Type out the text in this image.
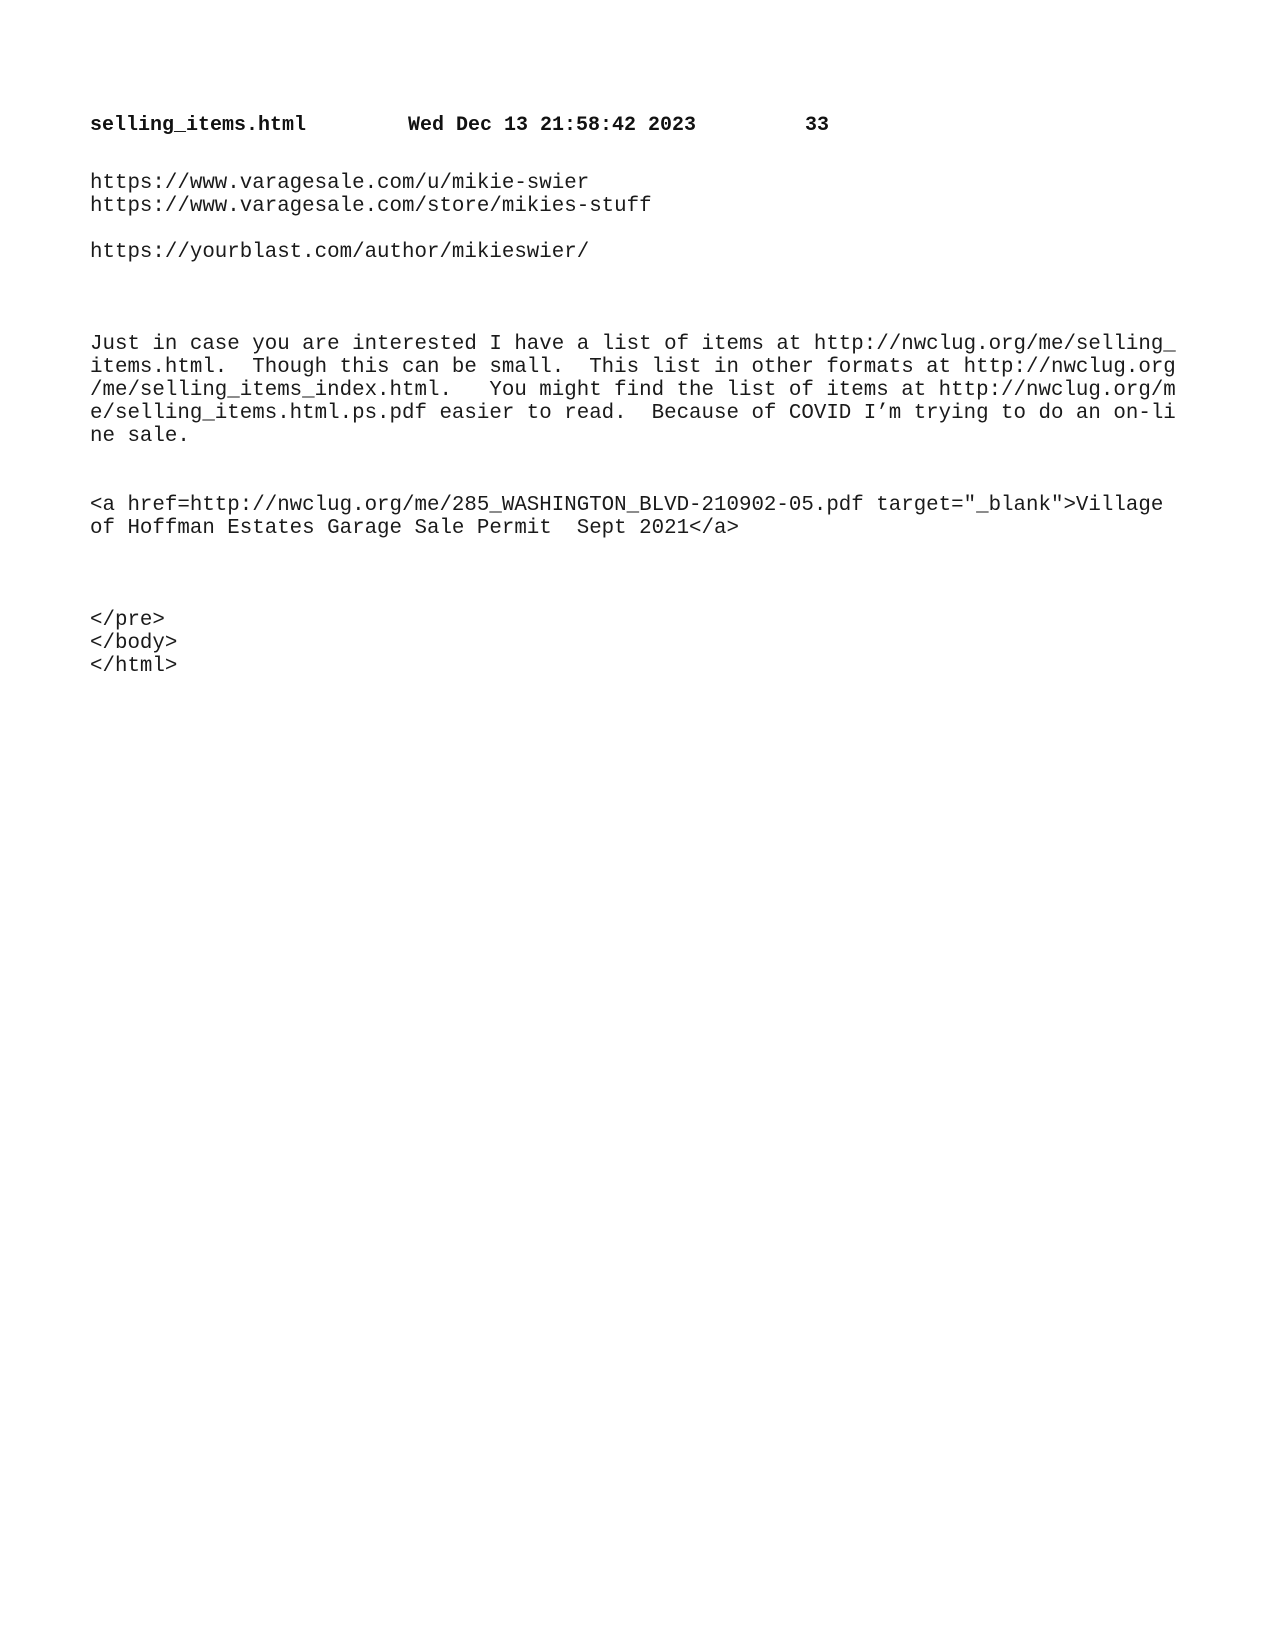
selling_items.html

	Wed Dec 13 21:58:42 2023

	33

https://www.varagesale.com/u/mikie-swier
https://www.varagesale.com/store/mikies-stuff
https://yourblast.com/author/mikieswier/
Just in case you are interested I have a list of items at http://nwclug.org/me/selling_
items.html.  Though this can be small.  This list in other formats at http://nwclug.org
/me/selling_items_index.html.   You might find the list of items at http://nwclug.org/m
e/selling_items.html.ps.pdf easier to read.  Because of COVID I’m trying to do an on-li
ne sale.
<a href=http://nwclug.org/me/285_WASHINGTON_BLVD-210902-05.pdf target="_blank">Village
of Hoffman Estates Garage Sale Permit  Sept 2021</a>
</pre>
</body>
</html>
